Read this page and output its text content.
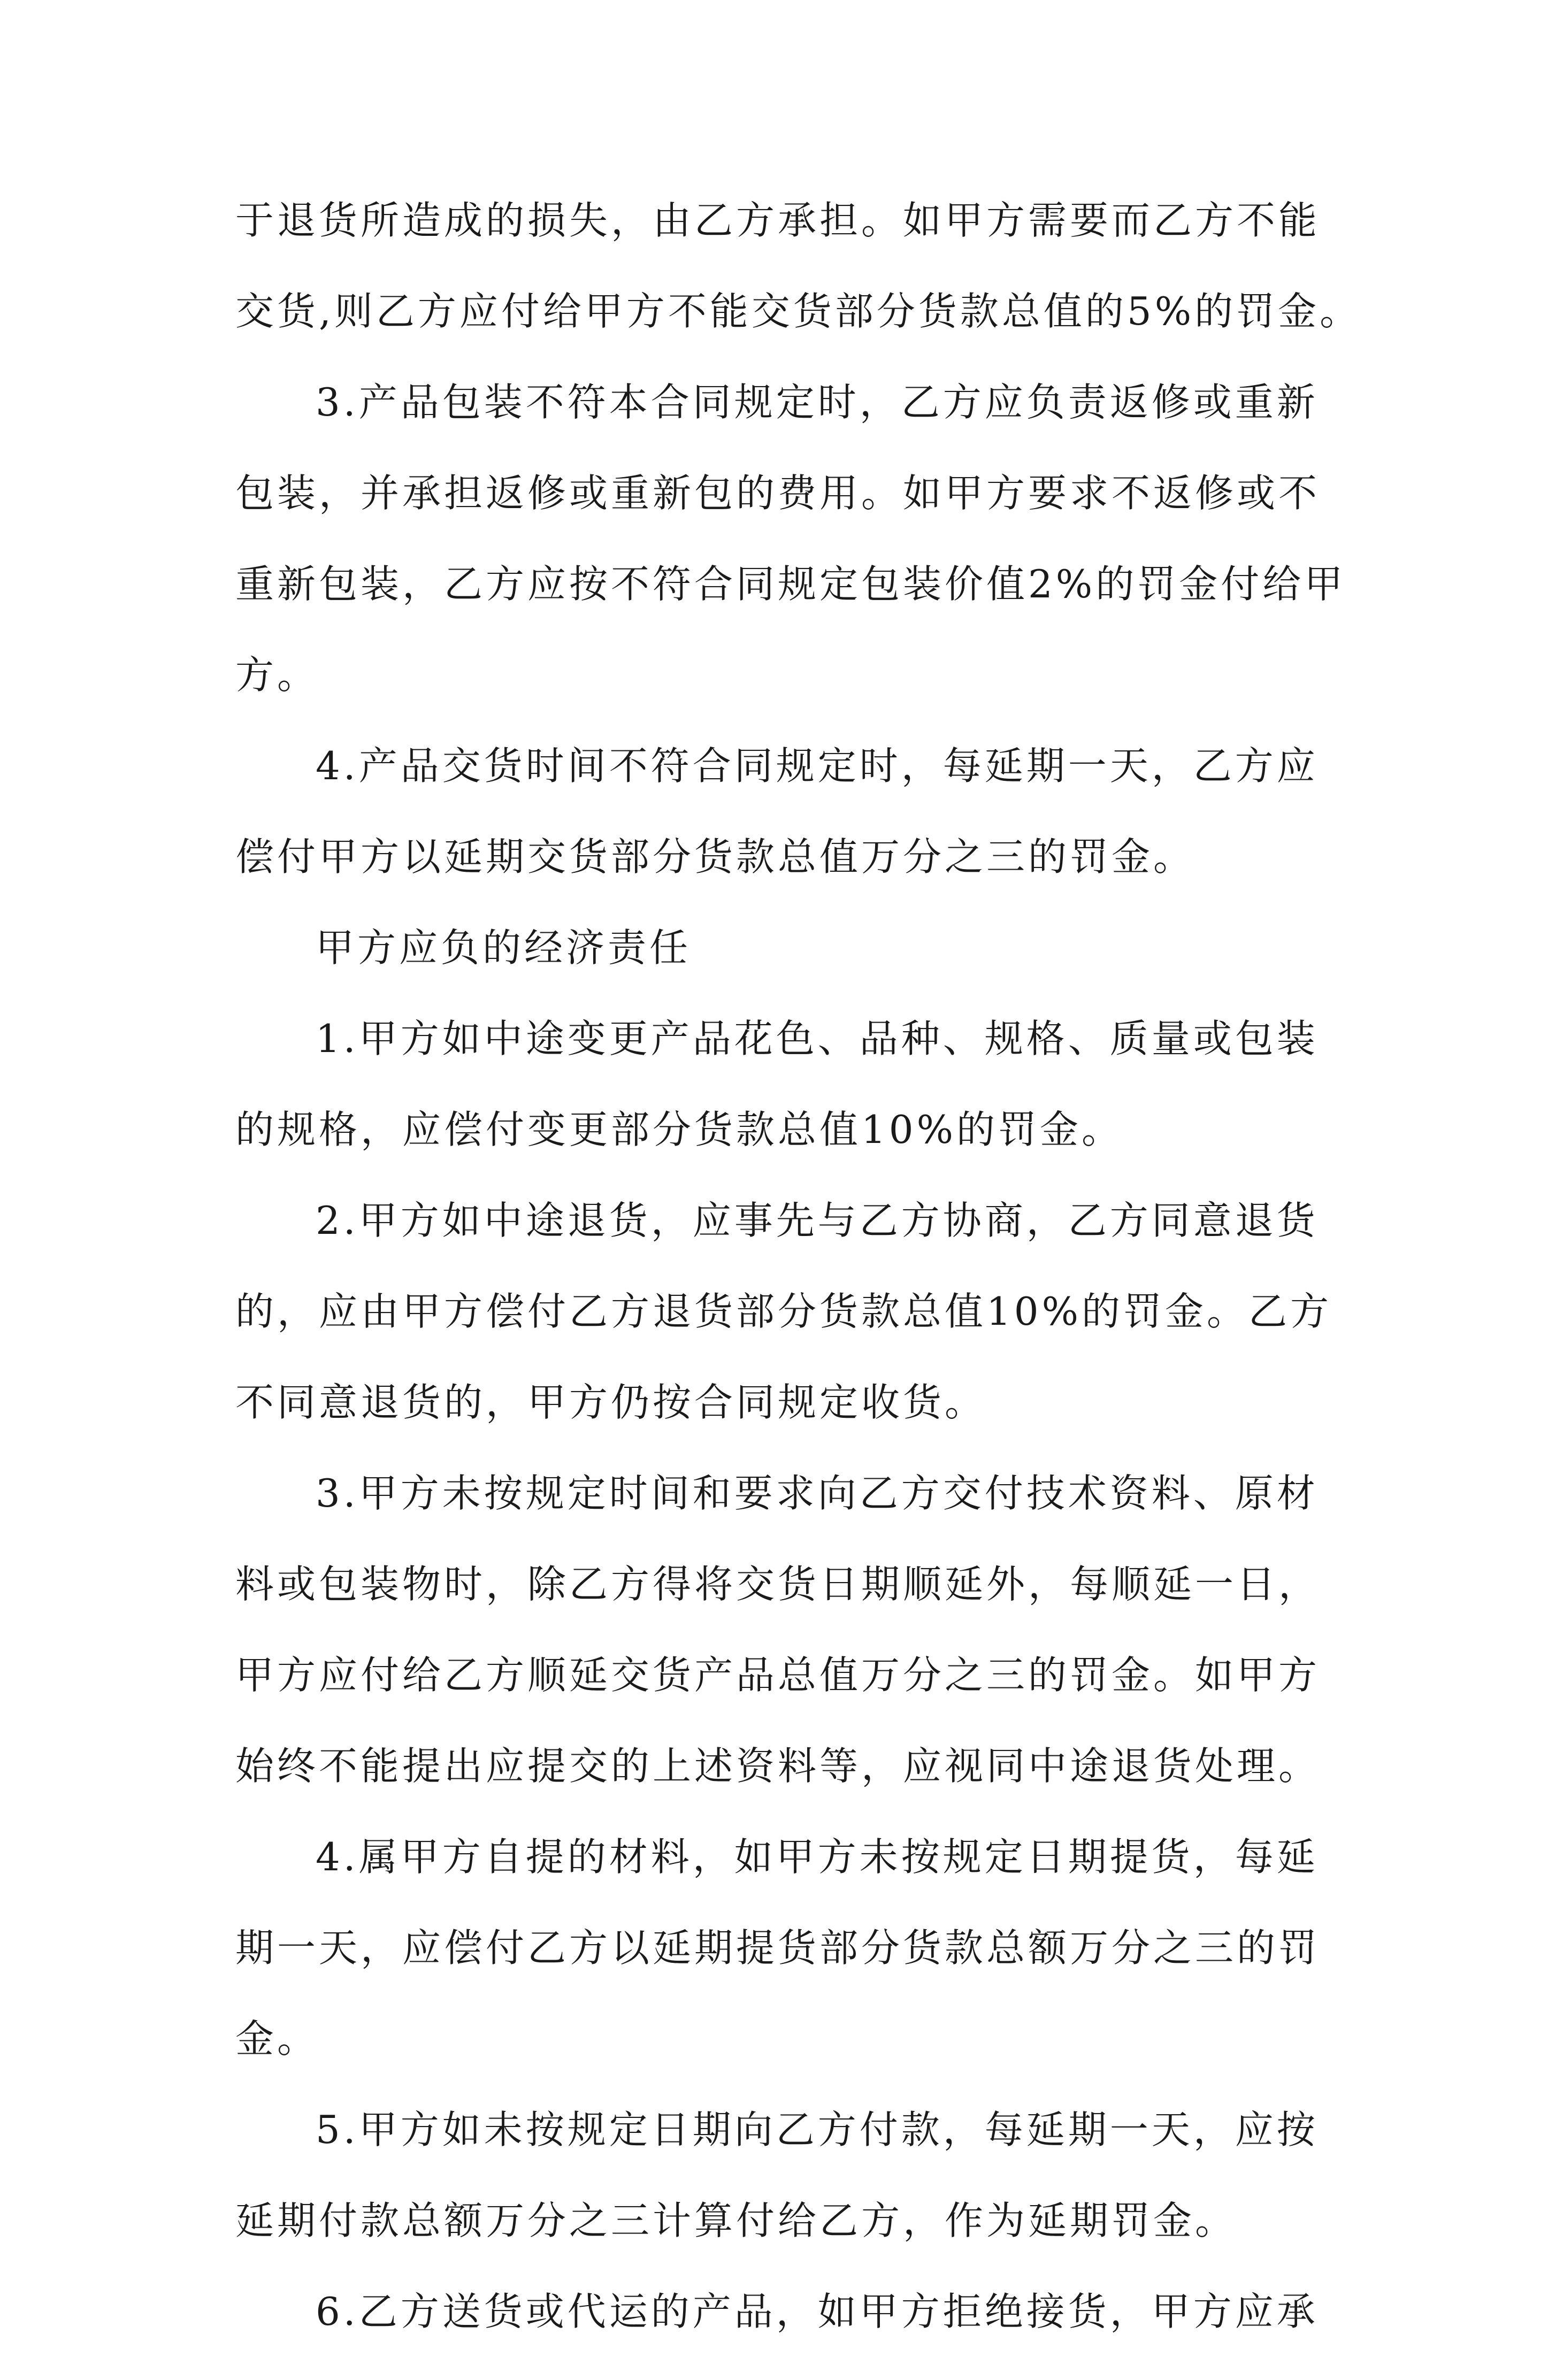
于退货所造成的损失，由乙方承担。如甲方需要而乙方不能
交货,则乙方应付给甲方不能交货部分货款总值的5%的罚金。
3.产品包装不符本合同规定时，乙方应负责返修或重新
包装，并承担返修或重新包的费用。如甲方要求不返修或不
重新包装，乙方应按不符合同规定包装价值2%的罚金付给甲
方。
4.产品交货时间不符合同规定时，每延期一天，乙方应
偿付甲方以延期交货部分货款总值万分之三的罚金。
甲方应负的经济责任
1.甲方如中途变更产品花色、品种、规格、质量或包装
的规格，应偿付变更部分货款总值10%的罚金。
2.甲方如中途退货，应事先与乙方协商，乙方同意退货
的，应由甲方偿付乙方退货部分货款总值10%的罚金。乙方
不同意退货的，甲方仍按合同规定收货。
3.甲方未按规定时间和要求向乙方交付技术资料、原材
料或包装物时，除乙方得将交货日期顺延外，每顺延一日，
甲方应付给乙方顺延交货产品总值万分之三的罚金。如甲方
始终不能提出应提交的上述资料等，应视同中途退货处理。
4.属甲方自提的材料，如甲方未按规定日期提货，每延
期一天，应偿付乙方以延期提货部分货款总额万分之三的罚
金。
5.甲方如未按规定日期向乙方付款，每延期一天，应按
延期付款总额万分之三计算付给乙方，作为延期罚金。
6.乙方送货或代运的产品，如甲方拒绝接货，甲方应承
